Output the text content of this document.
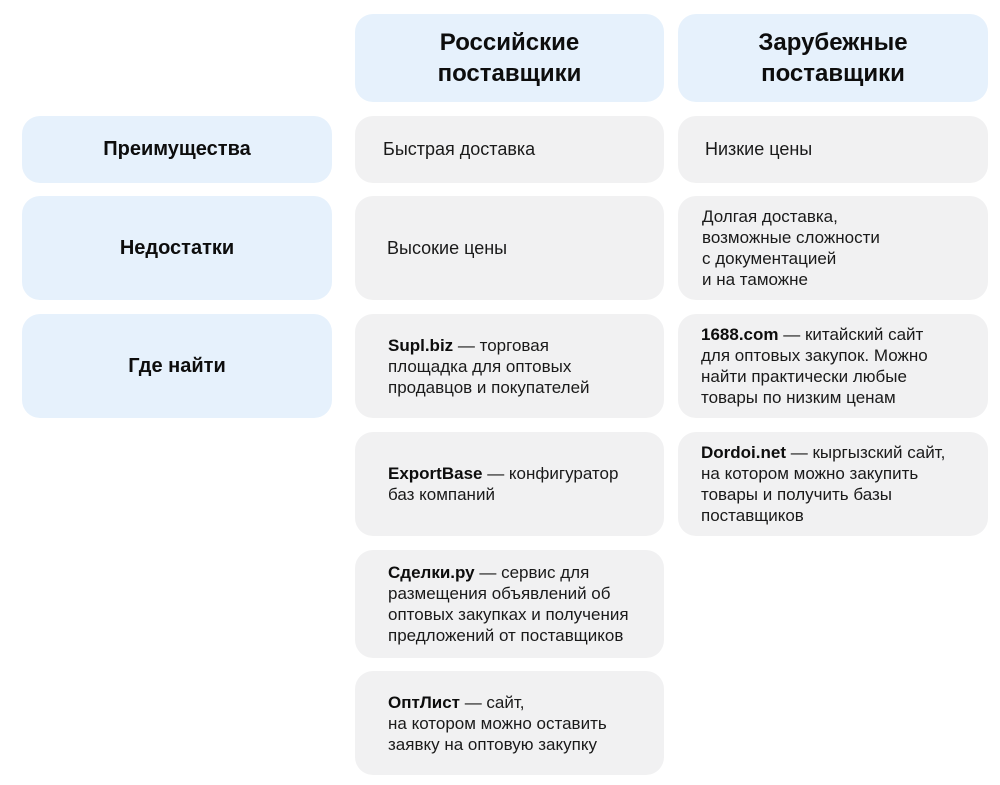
Российские
поставщики
Зарубежные
поставщики
Преимущества
Недостатки
Где найти
Быстрая доставка	Низкие цены
Высокие цены
Долгая доставка,
возможные сложности
с документацией
и на таможне
Supl.biz — торговая
площадка для оптовых
продавцов и покупателей
ExportBase — конфигуратор
баз компаний
Сделки.ру — сервис для
размещения объявлений об
оптовых закупках и получения
предложений от поставщиков
ОптЛист — сайт,
на котором можно оставить
заявку на оптовую закупку
1688.com — китайский сайт
для оптовых закупок. Можно
найти практически любые
товары по низким ценам
Dordoi.net — кыргызский сайт,
на котором можно закупить
товары и получить базы
поставщиков
